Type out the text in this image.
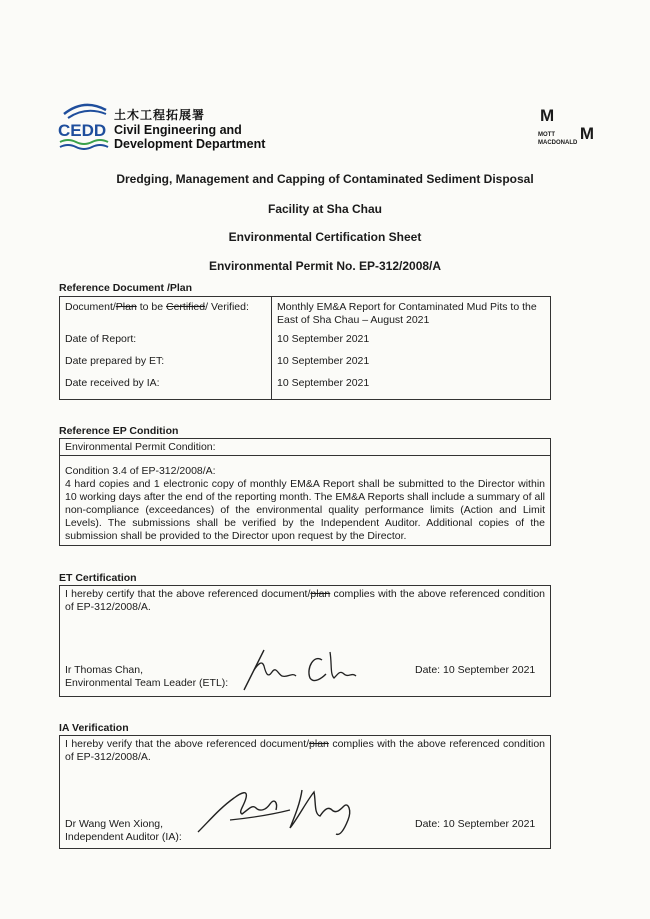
CEDD
土木工程拓展署
Civil Engineering and
Development Department
M
M
MOTT
MACDONALD
Dredging, Management and Capping of Contaminated Sediment Disposal
Facility at Sha Chau
Environmental Certification Sheet
Environmental Permit No. EP-312/2008/A
Reference Document /Plan
Document/Plan to be Certified/ Verified:	Monthly EM&A Report for Contaminated Mud Pits to the
East of Sha Chau – August 2021
Date of Report:	10 September 2021
Date prepared by ET:	10 September 2021
Date received by IA:	10 September 2021
Reference EP Condition
Environmental Permit Condition:
Condition 3.4 of EP-312/2008/A:
4 hard copies and 1 electronic copy of monthly EM&A Report shall be submitted to the Director within 10 working days after the end of the reporting month. The EM&A Reports shall include a summary of all non-compliance (exceedances) of the environmental quality performance limits (Action and Limit Levels). The submissions shall be verified by the Independent Auditor. Additional copies of the submission shall be provided to the Director upon request by the Director.
ET Certification
I hereby certify that the above referenced document/plan complies with the above referenced condition of EP-312/2008/A.
Ir Thomas Chan,
Environmental Team Leader (ETL):
Date: 10 September 2021
IA Verification
I hereby verify that the above referenced document/plan complies with the above referenced condition of EP-312/2008/A.
Dr Wang Wen Xiong,
Independent Auditor (IA):
Date: 10 September 2021
